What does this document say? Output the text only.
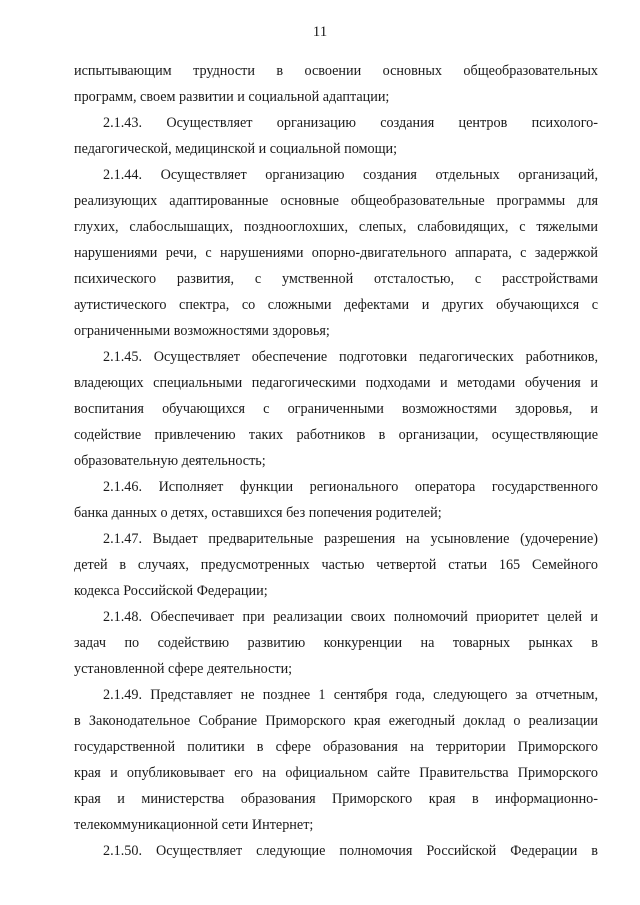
11
испытывающим трудности в освоении основных общеобразовательных
программ, своем развитии и социальной адаптации;
2.1.43. Осуществляет организацию создания центров психолого-
педагогической, медицинской и социальной помощи;
2.1.44. Осуществляет организацию создания отдельных организаций,
реализующих адаптированные основные общеобразовательные программы для
глухих, слабослышащих, позднооглохших, слепых, слабовидящих, с тяжелыми
нарушениями речи, с нарушениями опорно-двигательного аппарата, с задержкой
психического развития, с умственной отсталостью, с расстройствами
аутистического спектра, со сложными дефектами и других обучающихся с
ограниченными возможностями здоровья;
2.1.45. Осуществляет обеспечение подготовки педагогических работников,
владеющих специальными педагогическими подходами и методами обучения и
воспитания обучающихся с ограниченными возможностями здоровья, и
содействие привлечению таких работников в организации, осуществляющие
образовательную деятельность;
2.1.46. Исполняет функции регионального оператора государственного
банка данных о детях, оставшихся без попечения родителей;
2.1.47. Выдает предварительные разрешения на усыновление (удочерение)
детей в случаях, предусмотренных частью четвертой статьи 165 Семейного
кодекса Российской Федерации;
2.1.48. Обеспечивает при реализации своих полномочий приоритет целей и
задач по содействию развитию конкуренции на товарных рынках в
установленной сфере деятельности;
2.1.49. Представляет не позднее 1 сентября года, следующего за отчетным,
в Законодательное Собрание Приморского края ежегодный доклад о реализации
государственной политики в сфере образования на территории Приморского
края и опубликовывает его на официальном сайте Правительства Приморского
края и министерства образования Приморского края в информационно-
телекоммуникационной сети Интернет;
2.1.50. Осуществляет следующие полномочия Российской Федерации в
